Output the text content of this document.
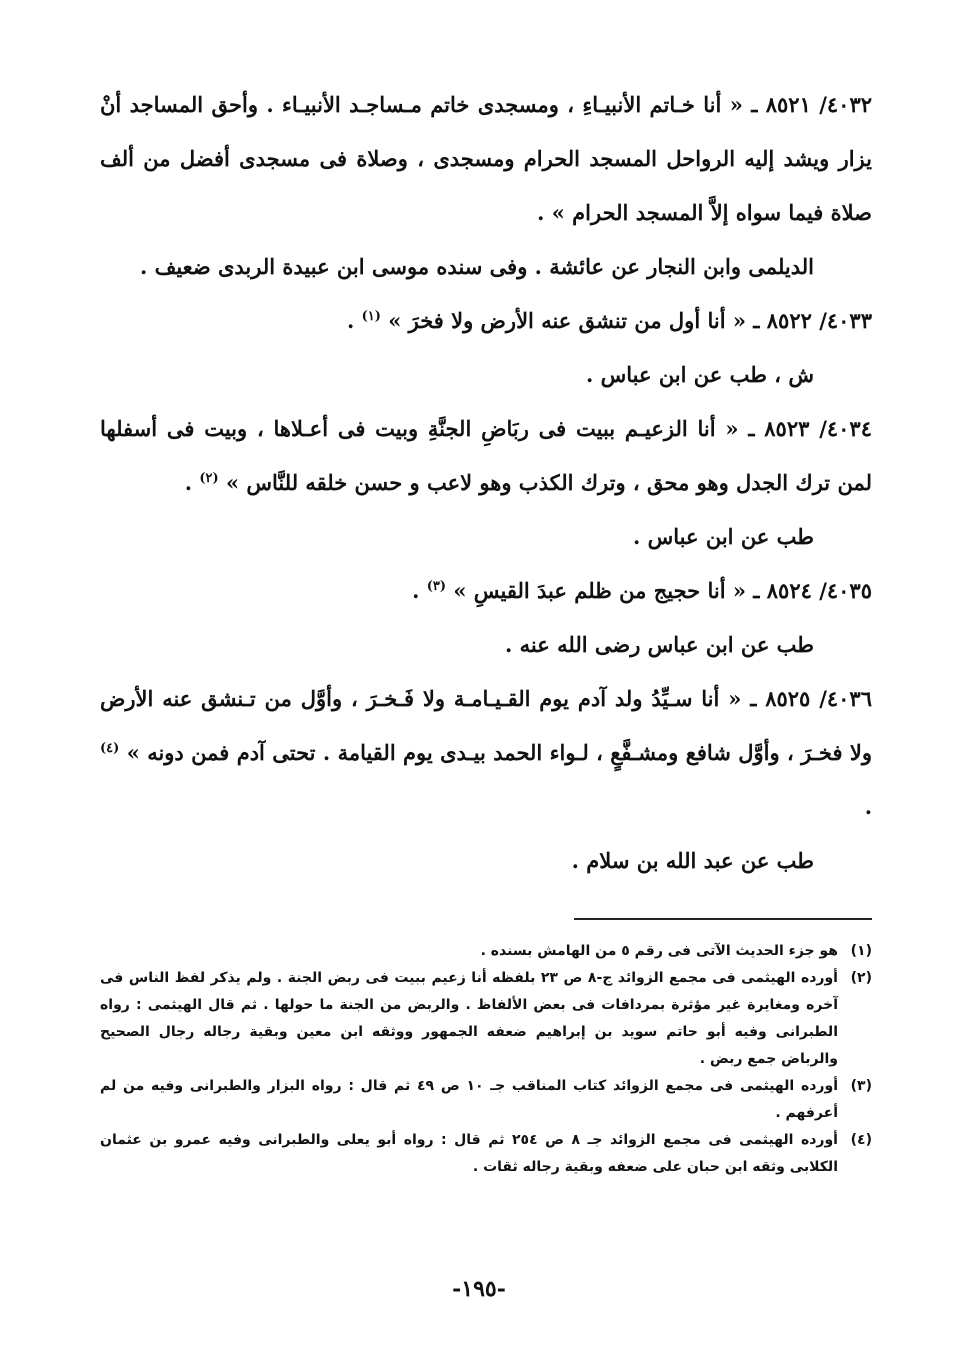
٤٠٣٢/ ٨٥٢١ ـ « أنا خـاتم الأنبيـاءِ ، ومسجدى خاتم مـساجـد الأنبيـاء . وأحق المساجد أنْ يزار ويشد إليه الرواحل المسجد الحرام ومسجدى ، وصلاة فى مسجدى أفضل من ألف صلاة فيما سواه إلاَّ المسجد الحرام » .

الديلمى وابن النجار عن عائشة . وفى سنده موسى ابن عبيدة الربدى ضعيف .

٤٠٣٣/ ٨٥٢٢ ـ « أنا أول من تنشق عنه الأرض ولا فخرَ » $^{(١)}$ .

ش ، طب عن ابن عباس .

٤٠٣٤/ ٨٥٢٣ ـ « أنا الزعيـم ببيت فى ربَاضِ الجنَّةِ وبيت فى أعـلاها ، وبيت فى أسفلها لمن ترك الجدل وهو محق ، وترك الكذب وهو لاعب و حسن خلقه للنَّاس » $^{(٢)}$ .

طب عن ابن عباس .

٤٠٣٥/ ٨٥٢٤ ـ « أنا حجيج من ظلم عبدَ القيسِ » $^{(٣)}$ .

طب عن ابن عباس رضى الله عنه .

٤٠٣٦/ ٨٥٢٥ ـ « أنا سـيِّدُ ولد آدم يوم القـيـامـة ولا فَـخـرَ ، وأوَّل من تـنشق عنه الأرض ولا فخـرَ ، وأوَّل شافع ومشـفَّعٍ ، لـواء الحمد بيـدى يوم القيامة . تحتى آدم فمن دونه » $^{(٤)}$ .

طب عن عبد الله بن سلام .

(١)
هو جزء الحديث الآتى فى رقم ٥ من الهامش بسنده .
(٢)
أورده الهيثمى فى مجمع الزوائد ج-٨ ص ٢٣ بلفظه أنا زعيم ببيت فى ربض الجنة . ولم يذكر لفظ الناس فى آخره ومغايرة غير مؤثرة بمردافات فى بعض الألفاظ . والربض من الجنة ما حولها . ثم قال الهيثمى : رواه الطبرانى وفيه أبو حاتم سويد بن إبراهيم ضعفه الجمهور ووثقه ابن معين وبقية رجاله رجال الصحيح والرباض جمع ربض .
(٣)
أورده الهيثمى فى مجمع الزوائد كتاب المناقب جـ ١٠ ص ٤٩ ثم قال : رواه البزار والطبرانى وفيه من لم أعرفهم .
(٤)
أورده الهيثمى فى مجمع الزوائد جـ ٨ ص ٢٥٤ ثم قال : رواه أبو يعلى والطبرانى وفيه عمرو بن عثمان الكلابى وثقه ابن حبان على ضعفه وبقية رجاله ثقات .
-١٩٥-
